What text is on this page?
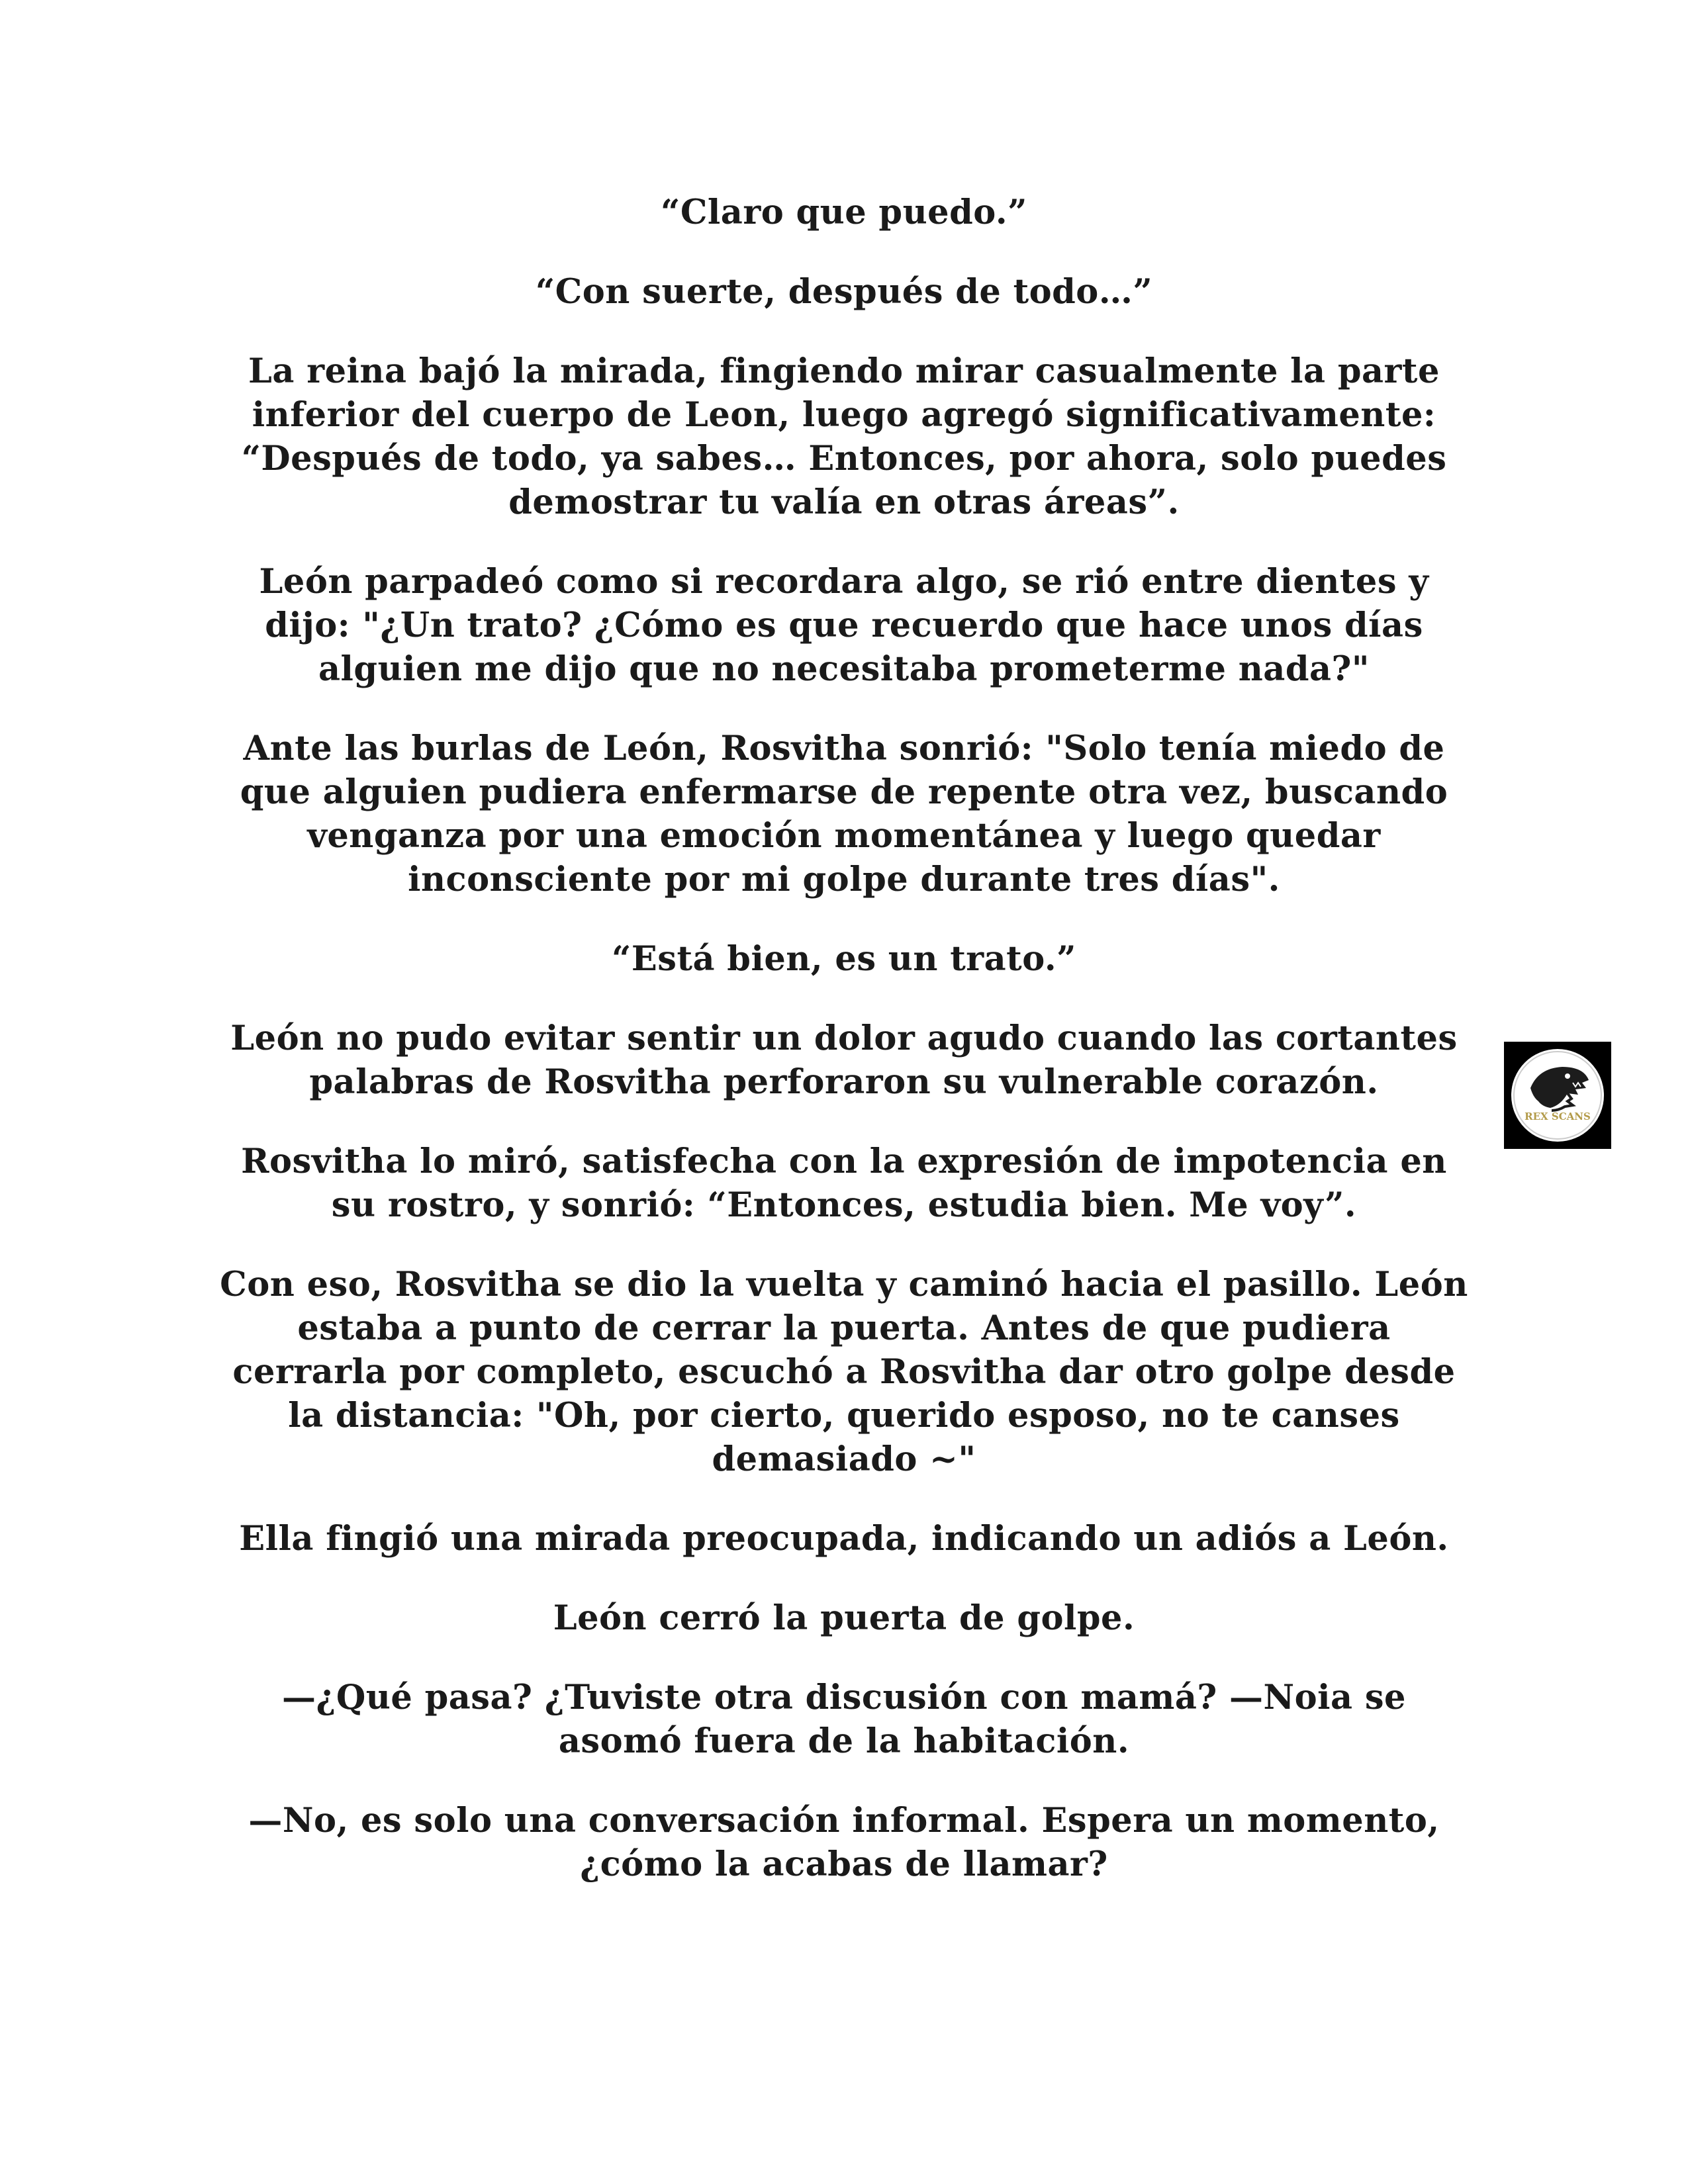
“Claro que puedo.”

“Con suerte, después de todo…”

La reina bajó la mirada, fingiendo mirar casualmente la parte inferior del cuerpo de Leon, luego agregó significativamente: “Después de todo, ya sabes… Entonces, por ahora, solo puedes demostrar tu valía en otras áreas”.

León parpadeó como si recordara algo, se rió entre dientes y dijo: "¿Un trato? ¿Cómo es que recuerdo que hace unos días alguien me dijo que no necesitaba prometerme nada?"

Ante las burlas de León, Rosvitha sonrió: "Solo tenía miedo de que alguien pudiera enfermarse de repente otra vez, buscando venganza por una emoción momentánea y luego quedar inconsciente por mi golpe durante tres días".

“Está bien, es un trato.”

León no pudo evitar sentir un dolor agudo cuando las cortantes palabras de Rosvitha perforaron su vulnerable corazón.

Rosvitha lo miró, satisfecha con la expresión de impotencia en su rostro, y sonrió: “Entonces, estudia bien. Me voy”.

Con eso, Rosvitha se dio la vuelta y caminó hacia el pasillo. León estaba a punto de cerrar la puerta. Antes de que pudiera cerrarla por completo, escuchó a Rosvitha dar otro golpe desde la distancia: "Oh, por cierto, querido esposo, no te canses demasiado ~"

Ella fingió una mirada preocupada, indicando un adiós a León.

León cerró la puerta de golpe.

—¿Qué pasa? ¿Tuviste otra discusión con mamá? —Noia se asomó fuera de la habitación.

—No, es solo una conversación informal. Espera un momento, ¿cómo la acabas de llamar?

REX SCANS
